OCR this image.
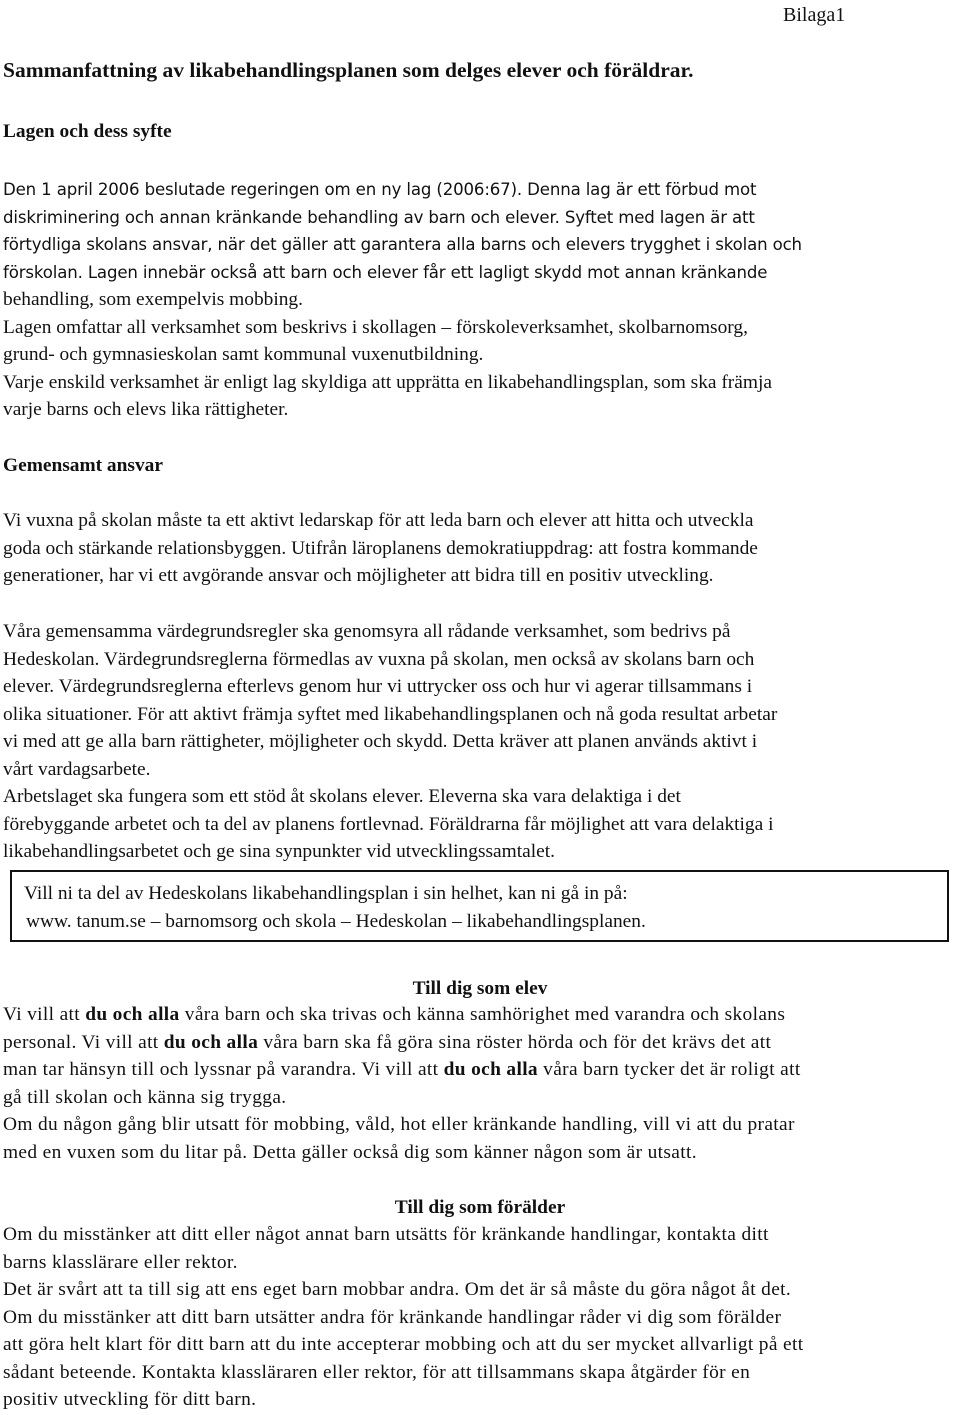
Bilaga1
Sammanfattning av likabehandlingsplanen som delges elever och föräldrar.
Lagen och dess syfte
Den 1 april 2006 beslutade regeringen om en ny lag (2006:67). Denna lag är ett förbud mot
diskriminering och annan kränkande behandling av barn och elever. Syftet med lagen är att
förtydliga skolans ansvar, när det gäller att garantera alla barns och elevers trygghet i skolan och
förskolan. Lagen innebär också att barn och elever får ett lagligt skydd mot annan kränkande
behandling, som exempelvis mobbing.
Lagen omfattar all verksamhet som beskrivs i skollagen – förskoleverksamhet, skolbarnomsorg,
grund- och gymnasieskolan samt kommunal vuxenutbildning.
Varje enskild verksamhet är enligt lag skyldiga att upprätta en likabehandlingsplan, som ska främja
varje barns och elevs lika rättigheter.
Gemensamt ansvar
Vi vuxna på skolan måste ta ett aktivt ledarskap för att leda barn och elever att hitta och utveckla
goda och stärkande relationsbyggen. Utifrån läroplanens demokratiuppdrag: att fostra kommande
generationer, har vi ett avgörande ansvar och möjligheter att bidra till en positiv utveckling.
Våra gemensamma värdegrundsregler ska genomsyra all rådande verksamhet, som bedrivs på
Hedeskolan. Värdegrundsreglerna förmedlas av vuxna på skolan, men också av skolans barn och
elever. Värdegrundsreglerna efterlevs genom hur vi uttrycker oss och hur vi agerar tillsammans i
olika situationer. För att aktivt främja syftet med likabehandlingsplanen och nå goda resultat arbetar
vi med att ge alla barn rättigheter, möjligheter och skydd. Detta kräver att planen används aktivt i
vårt vardagsarbete.
Arbetslaget ska fungera som ett stöd åt skolans elever. Eleverna ska vara delaktiga i det
förebyggande arbetet och ta del av planens fortlevnad. Föräldrarna får möjlighet att vara delaktiga i
likabehandlingsarbetet och ge sina synpunkter vid utvecklingssamtalet.
Vill ni ta del av Hedeskolans likabehandlingsplan i sin helhet, kan ni gå in på:
www. tanum.se – barnomsorg och skola – Hedeskolan – likabehandlingsplanen.
Till dig som elev
Vi vill att du och alla våra barn och ska trivas och känna samhörighet med varandra och skolans
personal. Vi vill att du och alla våra barn ska få göra sina röster hörda och för det krävs det att
man tar hänsyn till och lyssnar på varandra. Vi vill att du och alla våra barn tycker det är roligt att
gå till skolan och känna sig trygga.
Om du någon gång blir utsatt för mobbing, våld, hot eller kränkande handling, vill vi att du pratar
med en vuxen som du litar på. Detta gäller också dig som känner någon som är utsatt.
Till dig som förälder
Om du misstänker att ditt eller något annat barn utsätts för kränkande handlingar, kontakta ditt
barns klasslärare eller rektor.
Det är svårt att ta till sig att ens eget barn mobbar andra. Om det är så måste du göra något åt det.
Om du misstänker att ditt barn utsätter andra för kränkande handlingar råder vi dig som förälder
att göra helt klart för ditt barn att du inte accepterar mobbing och att du ser mycket allvarligt på ett
sådant beteende. Kontakta klassläraren eller rektor, för att tillsammans skapa åtgärder för en
positiv utveckling för ditt barn.
